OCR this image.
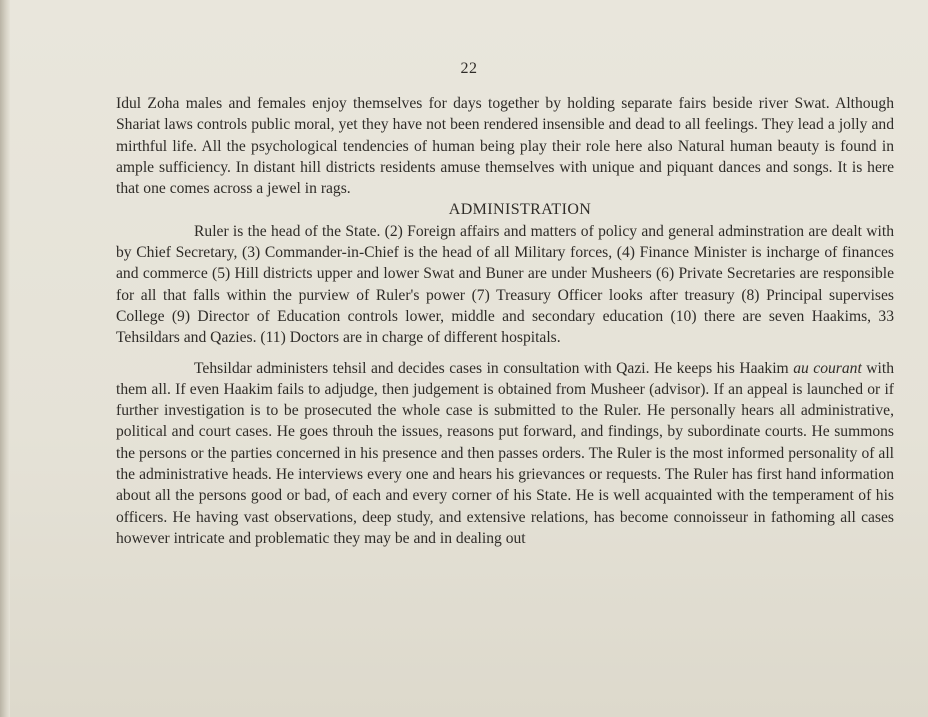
22

Idul Zoha males and females enjoy themselves for days together by holding separate fairs beside river Swat. Although Shariat laws controls public moral, yet they have not been rendered insensible and dead to all feelings. They lead a jolly and mirthful life. All the psychological tendencies of human being play their role here also Natural human beauty is found in ample sufficiency. In distant hill districts residents amuse themselves with unique and piquant dances and songs. It is here that one comes across a jewel in rags.

ADMINISTRATION

Ruler is the head of the State. (2) Foreign affairs and matters of policy and general adminstration are dealt with by Chief Secretary, (3) Commander-in-Chief is the head of all Military forces, (4) Finance Minister is incharge of finances and commerce (5) Hill districts upper and lower Swat and Buner are under Musheers (6) Private Secretaries are responsible for all that falls within the purview of Ruler's power (7) Treasury Officer looks after treasury (8) Principal supervises College (9) Director of Education controls lower, middle and secondary education (10) there are seven Haakims, 33 Tehsildars and Qazies. (11) Doctors are in charge of different hospitals.

Tehsildar administers tehsil and decides cases in consultation with Qazi. He keeps his Haakim au courant with them all. If even Haakim fails to adjudge, then judgement is obtained from Musheer (advisor). If an appeal is launched or if further investigation is to be prosecuted the whole case is submitted to the Ruler. He personally hears all administrative, political and court cases. He goes throuh the issues, reasons put forward, and findings, by subordinate courts. He summons the persons or the parties concerned in his presence and then passes orders. The Ruler is the most informed personality of all the administrative heads. He interviews every one and hears his grievances or requests. The Ruler has first hand information about all the persons good or bad, of each and every corner of his State. He is well acquainted with the temperament of his officers. He having vast observations, deep study, and extensive relations, has become connoisseur in fathoming all cases however intricate and problematic they may be and in dealing out
